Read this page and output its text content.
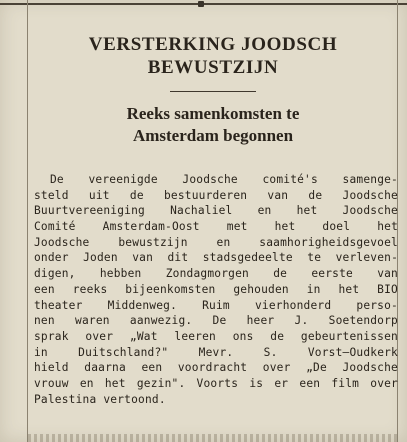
VERSTERKING JOODSCH
BEWUSTZIJN
Reeks samenkomsten te
Amsterdam begonnen
De vereenigde Joodsche comité's samenge-
steld uit de bestuurderen van de Joodsche
Buurtvereeniging Nachaliel en het Joodsche
Comité Amsterdam-Oost met het doel het
Joodsche bewustzijn en saamhorigheidsgevoel
onder Joden van dit stadsgedeelte te verleven-
digen, hebben Zondagmorgen de eerste van
een reeks bijeenkomsten gehouden in het BIO
theater Middenweg. Ruim vierhonderd perso-
nen waren aanwezig. De heer J. Soetendorp
sprak over „Wat leeren ons de gebeurtenissen
in Duitschland?" Mevr. S. Vorst—Oudkerk
hield daarna een voordracht over „De Joodsche
vrouw en het gezin". Voorts is er een film over
Palestina vertoond.
